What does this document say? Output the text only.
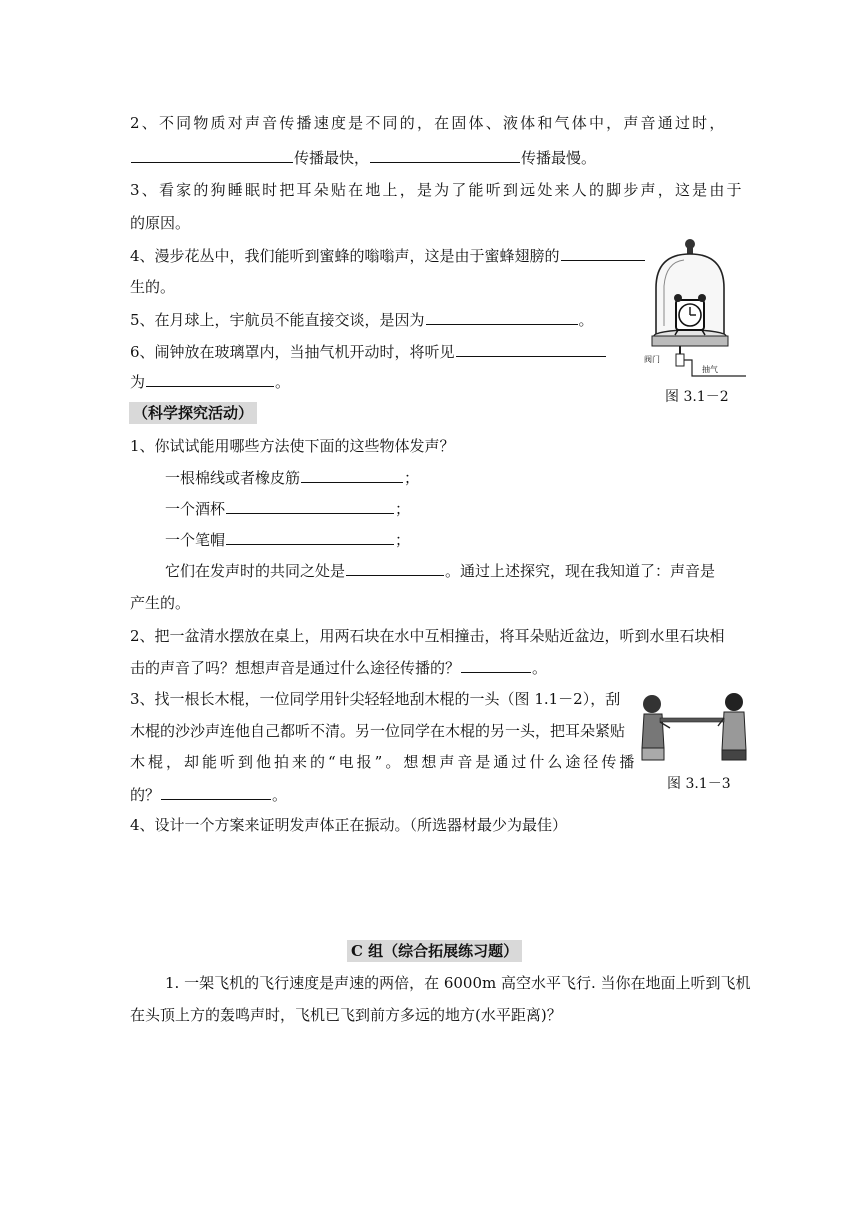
2、不同物质对声音传播速度是不同的，在固体、液体和气体中，声音通过时，
传播最快，	传播最慢。
3、看家的狗睡眠时把耳朵贴在地上，是为了能听到远处来人的脚步声，这是由于
的原因。
4、漫步花丛中，我们能听到蜜蜂的嗡嗡声，这是由于蜜蜂翅膀的
生的。
5、在月球上，宇航员不能直接交谈，是因为	。
6、闹钟放在玻璃罩内，当抽气机开动时，将听见
为	。
阀门
抽气
图 3.1－2
（科学探究活动）
1、你试试能用哪些方法使下面的这些物体发声？
一根棉线或者橡皮筋	；
一个酒杯	；
一个笔帽	；
它们在发声时的共同之处是	。通过上述探究，现在我知道了：声音是
产生的。
2、把一盆清水摆放在桌上，用两石块在水中互相撞击，将耳朵贴近盆边，听到水里石块相
击的声音了吗？想想声音是通过什么途径传播的？	。
3、找一根长木棍，一位同学用针尖轻轻地刮木棍的一头（图 1.1－2），刮
木棍的沙沙声连他自己都听不清。另一位同学在木棍的另一头，把耳朵紧贴
木棍，却能听到他拍来的“电报”。想想声音是通过什么途径传播
的？	。
图 3.1－3
4、设计一个方案来证明发声体正在振动。（所选器材最少为最佳）
C 组（综合拓展练习题）
1. 一架飞机的飞行速度是声速的两倍，在 6000m 高空水平飞行. 当你在地面上听到飞机
在头顶上方的轰鸣声时，飞机已飞到前方多远的地方(水平距离)？
